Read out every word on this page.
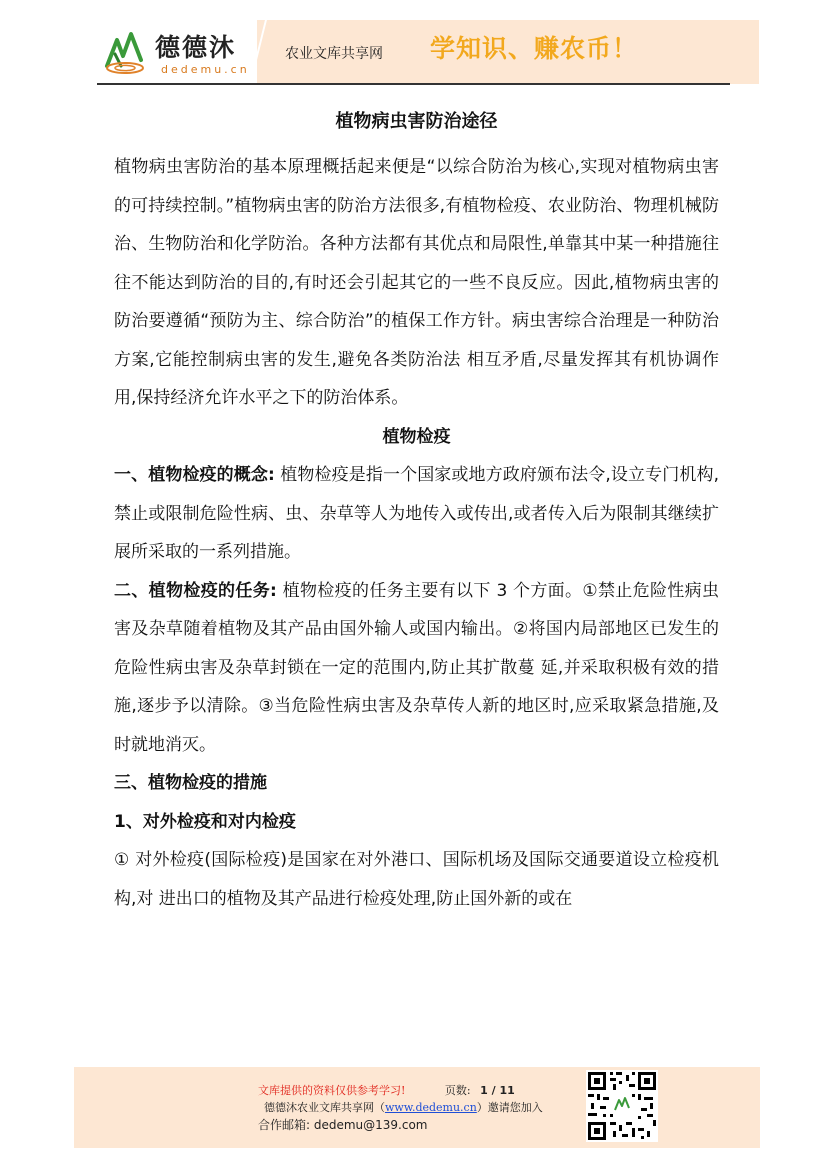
德德沐
dedemu.cn
农业文库共享网 学知识、赚农币！
植物病虫害防治途径

植物病虫害防治的基本原理概括起来便是“以综合防治为核心,实现对植物病虫害的可持续控制。”植物病虫害的防治方法很多,有植物检疫、农业防治、物理机械防治、生物防治和化学防治。各种方法都有其优点和局限性,单靠其中某一种措施往往不能达到防治的目的,有时还会引起其它的一些不良反应。因此,植物病虫害的防治要遵循“预防为主、综合防治”的植保工作方针。病虫害综合治理是一种防治方案,它能控制病虫害的发生,避免各类防治法 相互矛盾,尽量发挥其有机协调作用,保持经济允许水平之下的防治体系。

植物检疫

一、植物检疫的概念: 植物检疫是指一个国家或地方政府颁布法令,设立专门机构,禁止或限制危险性病、虫、杂草等人为地传入或传出,或者传入后为限制其继续扩展所采取的一系列措施。

二、植物检疫的任务: 植物检疫的任务主要有以下 3 个方面。①禁止危险性病虫害及杂草随着植物及其产品由国外输人或国内输出。②将国内局部地区已发生的危险性病虫害及杂草封锁在一定的范围内,防止其扩散蔓 延,并采取积极有效的措施,逐步予以清除。③当危险性病虫害及杂草传人新的地区时,应采取紧急措施,及时就地消灭。

三、植物检疫的措施

1、对外检疫和对内检疫

① 对外检疫(国际检疫)是国家在对外港口、国际机场及国际交通要道设立检疫机构,对 进出口的植物及其产品进行检疫处理,防止国外新的或在

文库提供的资料仅供参考学习!	页数: 1 / 11
德德沐农业文库共享网（www.dedemu.cn）邀请您加入
合作邮箱: dedemu@139.com
